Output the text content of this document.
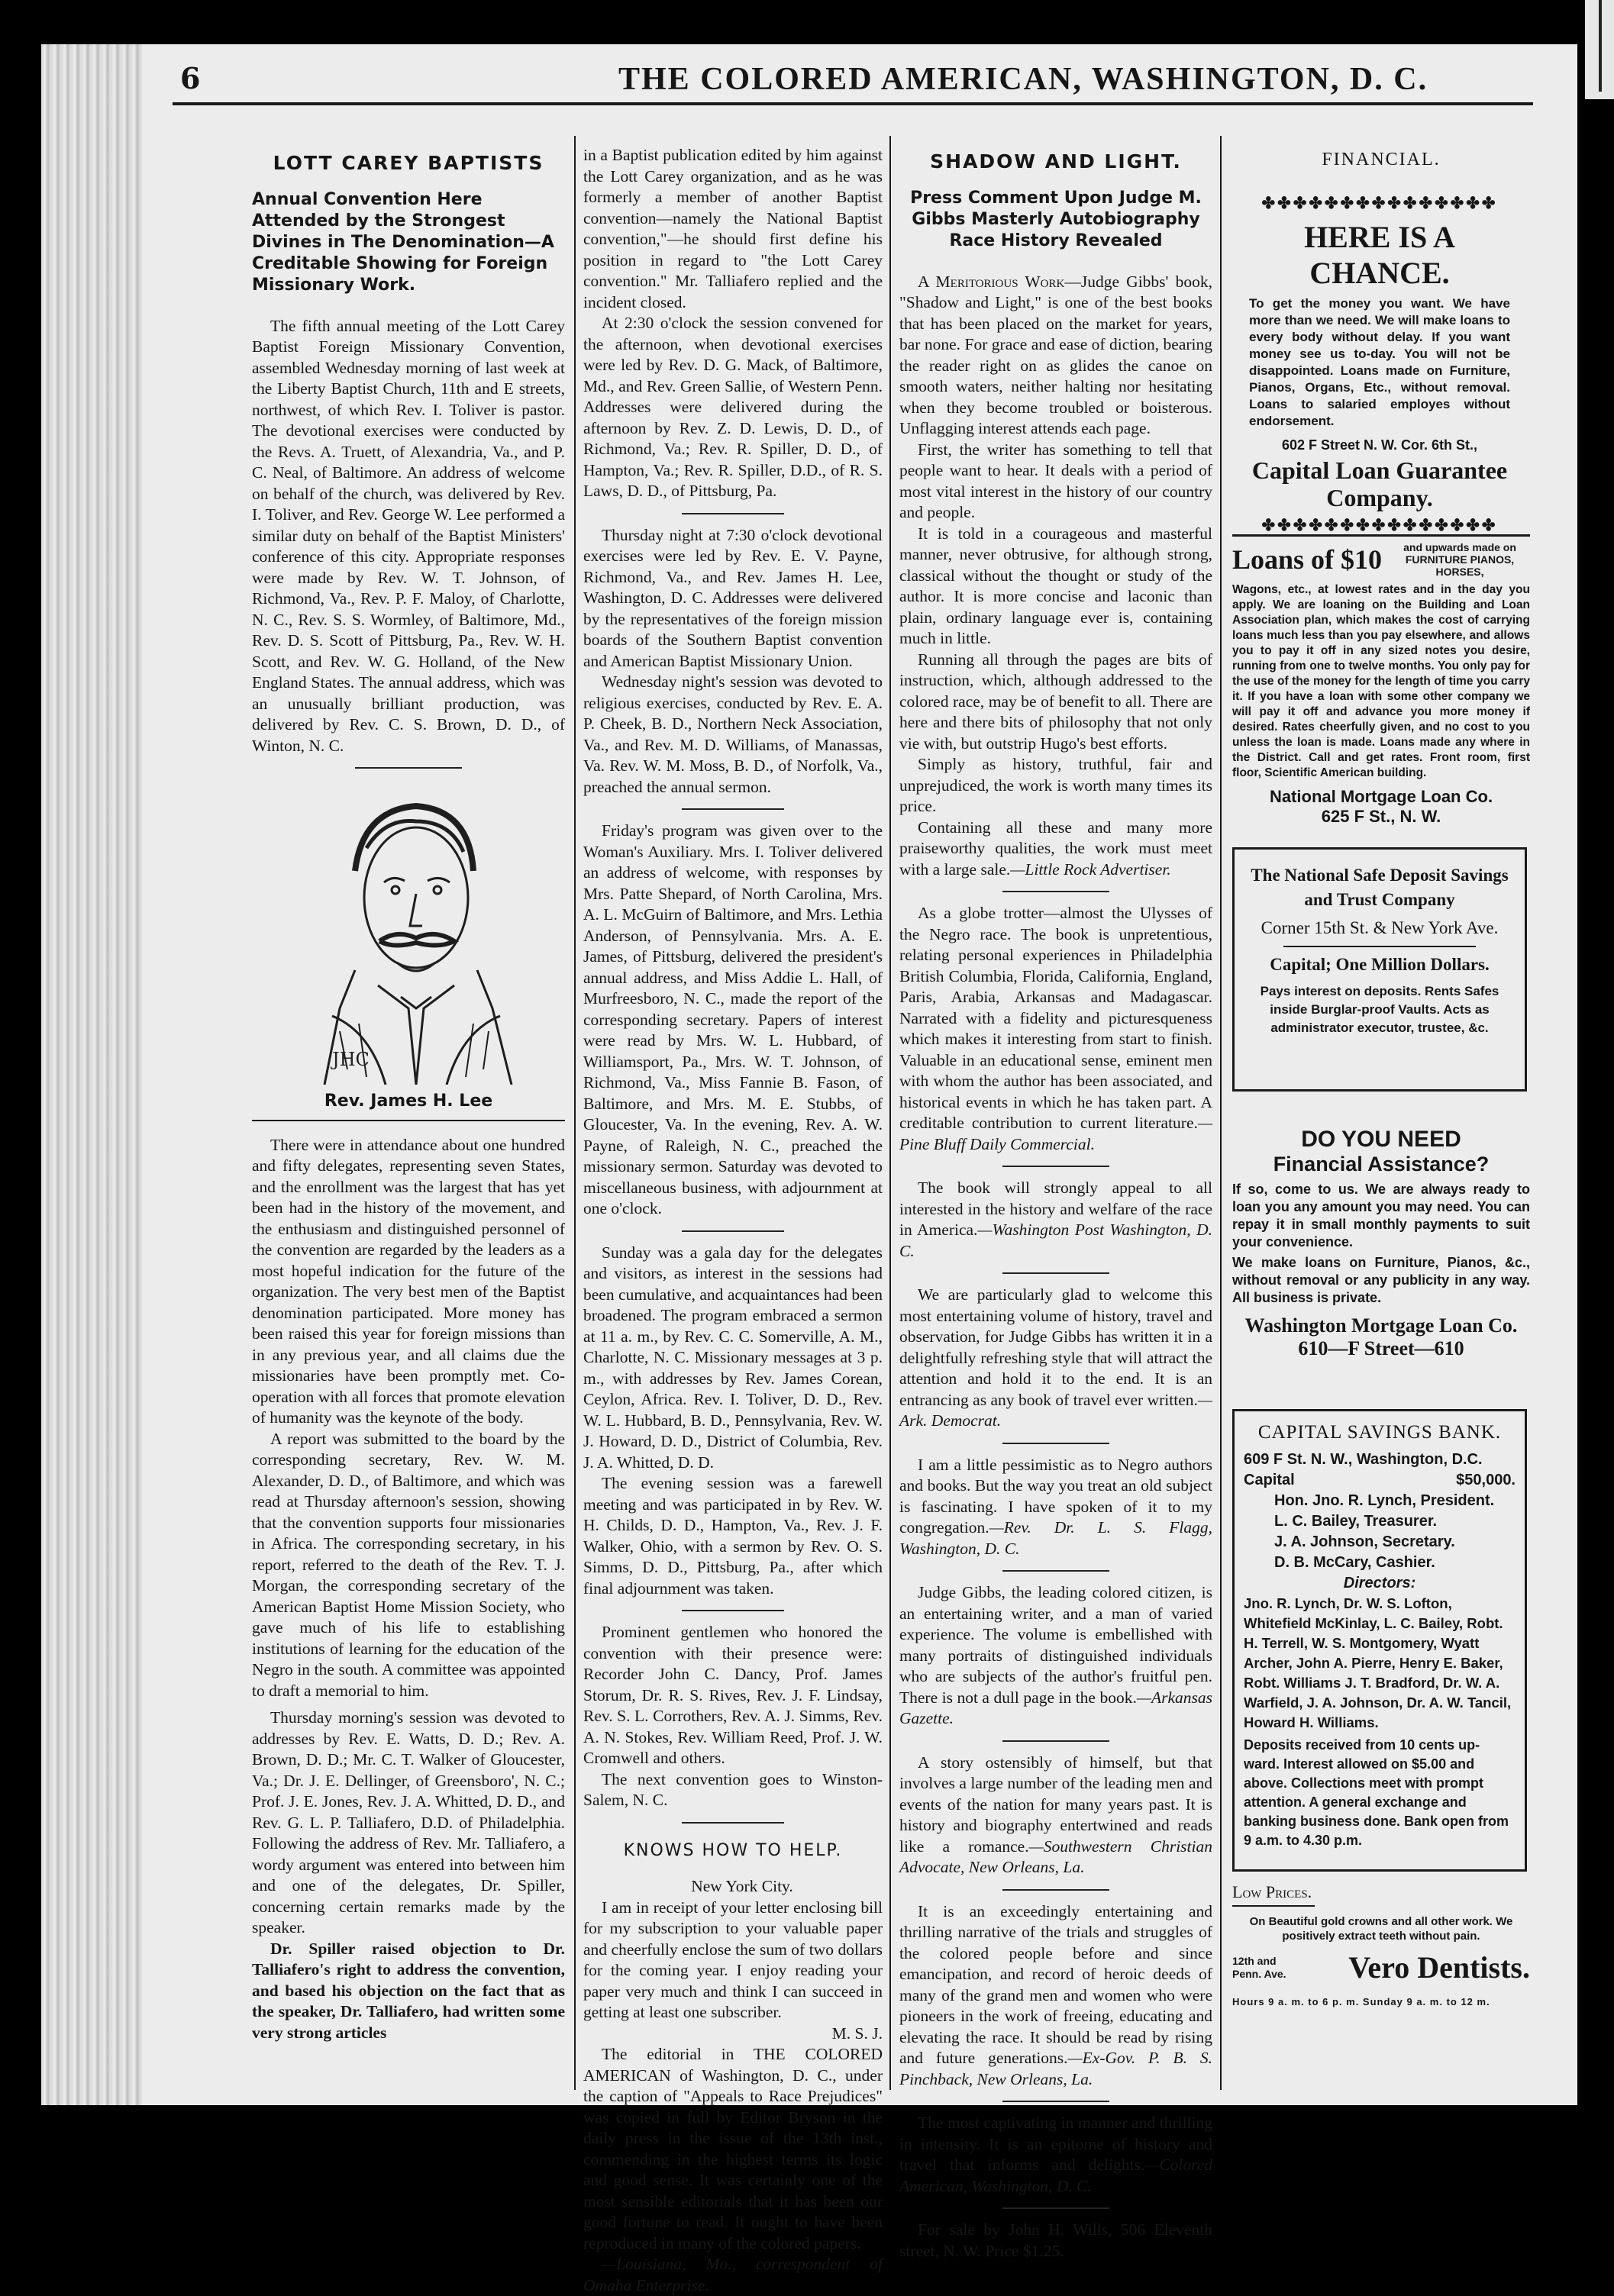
6	THE COLORED AMERICAN, WASHINGTON, D. C.
LOTT CAREY BAPTISTS
Annual Convention Here Attended by the Strongest Divines in The Denomination—A Creditable Showing for Foreign Missionary Work.

The fifth annual meeting of the Lott Carey Baptist Foreign Missionary Convention, assembled Wednesday morning of last week at the Liberty Baptist Church, 11th and E streets, northwest, of which Rev. I. Toliver is pastor. The devotional exercises were conducted by the Revs. A. Truett, of Alexandria, Va., and P. C. Neal, of Baltimore. An address of welcome on behalf of the church, was delivered by Rev. I. Toliver, and Rev. George W. Lee performed a similar duty on behalf of the Baptist Ministers' conference of this city. Appropriate responses were made by Rev. W. T. Johnson, of Richmond, Va., Rev. P. F. Maloy, of Charlotte, N. C., Rev. S. S. Wormley, of Baltimore, Md., Rev. D. S. Scott of Pittsburg, Pa., Rev. W. H. Scott, and Rev. W. G. Holland, of the New England States. The annual address, which was an unusually brilliant production, was delivered by Rev. C. S. Brown, D. D., of Winton, N. C.

JHC
Rev. James H. Lee

There were in attendance about one hundred and fifty delegates, representing seven States, and the enrollment was the largest that has yet been had in the history of the movement, and the enthusiasm and distinguished personnel of the convention are regarded by the leaders as a most hopeful indication for the future of the organization. The very best men of the Baptist denomination participated. More money has been raised this year for foreign missions than in any previous year, and all claims due the missionaries have been promptly met. Co-operation with all forces that promote elevation of humanity was the keynote of the body.

A report was submitted to the board by the corresponding secretary, Rev. W. M. Alexander, D. D., of Baltimore, and which was read at Thursday afternoon's session, showing that the convention supports four missionaries in Africa. The corresponding secretary, in his report, referred to the death of the Rev. T. J. Morgan, the corresponding secretary of the American Baptist Home Mission Society, who gave much of his life to establishing institutions of learning for the education of the Negro in the south. A committee was appointed to draft a memorial to him.

Thursday morning's session was devoted to addresses by Rev. E. Watts, D. D.; Rev. A. Brown, D. D.; Mr. C. T. Walker of Gloucester, Va.; Dr. J. E. Dellinger, of Greensboro', N. C.; Prof. J. E. Jones, Rev. J. A. Whitted, D. D., and Rev. G. L. P. Talliafero, D.D. of Philadelphia. Following the address of Rev. Mr. Talliafero, a wordy argument was entered into between him and one of the delegates, Dr. Spiller, concerning certain remarks made by the speaker.

Dr. Spiller raised objection to Dr. Talliafero's right to address the convention, and based his objection on the fact that as the speaker, Dr. Talliafero, had written some very strong articles

in a Baptist publication edited by him against the Lott Carey organization, and as he was formerly a member of another Baptist convention—namely the National Baptist convention,"—he should first define his position in regard to "the Lott Carey convention." Mr. Talliafero replied and the incident closed.

At 2:30 o'clock the session convened for the afternoon, when devotional exercises were led by Rev. D. G. Mack, of Baltimore, Md., and Rev. Green Sallie, of Western Penn. Addresses were delivered during the afternoon by Rev. Z. D. Lewis, D. D., of Richmond, Va.; Rev. R. Spiller, D. D., of Hampton, Va.; Rev. R. Spiller, D.D., of R. S. Laws, D. D., of Pittsburg, Pa.

Thursday night at 7:30 o'clock devotional exercises were led by Rev. E. V. Payne, Richmond, Va., and Rev. James H. Lee, Washington, D. C. Addresses were delivered by the representatives of the foreign mission boards of the Southern Baptist convention and American Baptist Missionary Union.

Wednesday night's session was devoted to religious exercises, conducted by Rev. E. A. P. Cheek, B. D., Northern Neck Association, Va., and Rev. M. D. Williams, of Manassas, Va. Rev. W. M. Moss, B. D., of Norfolk, Va., preached the annual sermon.

Friday's program was given over to the Woman's Auxiliary. Mrs. I. Toliver delivered an address of welcome, with responses by Mrs. Patte Shepard, of North Carolina, Mrs. A. L. McGuirn of Baltimore, and Mrs. Lethia Anderson, of Pennsylvania. Mrs. A. E. James, of Pittsburg, delivered the president's annual address, and Miss Addie L. Hall, of Murfreesboro, N. C., made the report of the corresponding secretary. Papers of interest were read by Mrs. W. L. Hubbard, of Williamsport, Pa., Mrs. W. T. Johnson, of Richmond, Va., Miss Fannie B. Fason, of Baltimore, and Mrs. M. E. Stubbs, of Gloucester, Va. In the evening, Rev. A. W. Payne, of Raleigh, N. C., preached the missionary sermon. Saturday was devoted to miscellaneous business, with adjournment at one o'clock.

Sunday was a gala day for the delegates and visitors, as interest in the sessions had been cumulative, and acquaintances had been broadened. The program embraced a sermon at 11 a. m., by Rev. C. C. Somerville, A. M., Charlotte, N. C. Missionary messages at 3 p. m., with addresses by Rev. James Corean, Ceylon, Africa. Rev. I. Toliver, D. D., Rev. W. L. Hubbard, B. D., Pennsylvania, Rev. W. J. Howard, D. D., District of Columbia, Rev. J. A. Whitted, D. D.

The evening session was a farewell meeting and was participated in by Rev. W. H. Childs, D. D., Hampton, Va., Rev. J. F. Walker, Ohio, with a sermon by Rev. O. S. Simms, D. D., Pittsburg, Pa., after which final adjournment was taken.

Prominent gentlemen who honored the convention with their presence were: Recorder John C. Dancy, Prof. James Storum, Dr. R. S. Rives, Rev. J. F. Lindsay, Rev. S. L. Corrothers, Rev. A. J. Simms, Rev. A. N. Stokes, Rev. William Reed, Prof. J. W. Cromwell and others.

The next convention goes to Winston-Salem, N. C.

KNOWS HOW TO HELP.

New York City.

I am in receipt of your letter enclosing bill for my subscription to your valuable paper and cheerfully enclose the sum of two dollars for the coming year. I enjoy reading your paper very much and think I can succeed in getting at least one subscriber.

M. S. J.

The editorial in THE COLORED AMERICAN of Washington, D. C., under the caption of "Appeals to Race Prejudices" was copied in full by Editor Bryson in the daily press in the issue of the 13th inst., commending in the highest terms its logic and good sense. It was certainly one of the most sensible editorials that it has been our good fortune to read. It ought to have been reproduced in many of the colored papers.

—Louisiana, Mo., correspondent of Omaha Enterprise.

SHADOW AND LIGHT.
Press Comment Upon Judge M. Gibbs Masterly Autobiography Race History Revealed

A Meritorious Work—Judge Gibbs' book, "Shadow and Light," is one of the best books that has been placed on the market for years, bar none. For grace and ease of diction, bearing the reader right on as glides the canoe on smooth waters, neither halting nor hesitating when they become troubled or boisterous. Unflagging interest attends each page.

First, the writer has something to tell that people want to hear. It deals with a period of most vital interest in the history of our country and people.

It is told in a courageous and masterful manner, never obtrusive, for although strong, classical without the thought or study of the author. It is more concise and laconic than plain, ordinary language ever is, containing much in little.

Running all through the pages are bits of instruction, which, although addressed to the colored race, may be of benefit to all. There are here and there bits of philosophy that not only vie with, but outstrip Hugo's best efforts.

Simply as history, truthful, fair and unprejudiced, the work is worth many times its price.

Containing all these and many more praiseworthy qualities, the work must meet with a large sale.—Little Rock Advertiser.

As a globe trotter—almost the Ulysses of the Negro race. The book is unpretentious, relating personal experiences in Philadelphia British Columbia, Florida, California, England, Paris, Arabia, Arkansas and Madagascar. Narrated with a fidelity and picturesqueness which makes it interesting from start to finish. Valuable in an educational sense, eminent men with whom the author has been associated, and historical events in which he has taken part. A creditable contribution to current literature.—Pine Bluff Daily Commercial.

The book will strongly appeal to all interested in the history and welfare of the race in America.—Washington Post Washington, D. C.

We are particularly glad to welcome this most entertaining volume of history, travel and observation, for Judge Gibbs has written it in a delightfully refreshing style that will attract the attention and hold it to the end. It is an entrancing as any book of travel ever written.—Ark. Democrat.

I am a little pessimistic as to Negro authors and books. But the way you treat an old subject is fascinating. I have spoken of it to my congregation.—Rev. Dr. L. S. Flagg, Washington, D. C.

Judge Gibbs, the leading colored citizen, is an entertaining writer, and a man of varied experience. The volume is embellished with many portraits of distinguished individuals who are subjects of the author's fruitful pen. There is not a dull page in the book.—Arkansas Gazette.

A story ostensibly of himself, but that involves a large number of the leading men and events of the nation for many years past. It is history and biography entertwined and reads like a romance.—Southwestern Christian Advocate, New Orleans, La.

It is an exceedingly entertaining and thrilling narrative of the trials and struggles of the colored people before and since emancipation, and record of heroic deeds of many of the grand men and women who were pioneers in the work of freeing, educating and elevating the race. It should be read by rising and future generations.—Ex-Gov. P. B. S. Pinchback, New Orleans, La.

The most captivating in manner and thrilling in intensity. It is an epitome of history and travel that informs and delights.—Colored American, Washington, D. C.

For sale by John H. Wills, 506 Eleventh street, N. W. Price $1.25.

FINANCIAL.
✤✤✤✤✤✤✤✤✤✤✤✤✤✤✤
HERE IS A CHANCE.
To get the money you want. We have more than we need. We will make loans to every body without delay. If you want money see us to-day. You will not be disappointed. Loans made on Furniture, Pianos, Organs, Etc., without removal. Loans to salaried employes without endorsement.
602 F Street N. W. Cor. 6th St.,
Capital Loan Guarantee Company.
✤✤✤✤✤✤✤✤✤✤✤✤✤✤✤
Loans of $10	and upwards made on FURNITURE PIANOS, HORSES,
Wagons, etc., at lowest rates and in the day you apply. We are loaning on the Building and Loan Association plan, which makes the cost of carrying loans much less than you pay elsewhere, and allows you to pay it off in any sized notes you desire, running from one to twelve months. You only pay for the use of the money for the length of time you carry it. If you have a loan with some other company we will pay it off and advance you more money if desired. Rates cheerfully given, and no cost to you unless the loan is made. Loans made any where in the District. Call and get rates. Front room, first floor, Scientific American building.
National Mortgage Loan Co.
625 F St., N. W.
The National Safe Deposit Savings and Trust Company
Corner 15th St. & New York Ave.
Capital; One Million Dollars.
Pays interest on deposits. Rents Safes inside Burglar-proof Vaults. Acts as administrator executor, trustee, &c.
DO YOU NEED
Financial Assistance?
If so, come to us. We are always ready to loan you any amount you may need. You can repay it in small monthly payments to suit your convenience.
We make loans on Furniture, Pianos, &c., without removal or any publicity in any way. All business is private.
Washington Mortgage Loan Co.
610—F Street—610
CAPITAL SAVINGS BANK.
609 F St. N. W., Washington, D.C.
Capital	$50,000.
Hon. Jno. R. Lynch, President.
L. C. Bailey, Treasurer.
J. A. Johnson, Secretary.
D. B. McCary, Cashier.
Directors:
Jno. R. Lynch, Dr. W. S. Lofton, Whitefield McKinlay, L. C. Bailey, Robt. H. Terrell, W. S. Montgomery, Wyatt Archer, John A. Pierre, Henry E. Baker, Robt. Williams J. T. Bradford, Dr. W. A. Warfield, J. A. Johnson, Dr. A. W. Tancil, Howard H. Williams.
Deposits received from 10 cents up-ward. Interest allowed on $5.00 and above. Collections meet with prompt attention. A general exchange and banking business done. Bank open from 9 a.m. to 4.30 p.m.
Low Prices.
On Beautiful gold crowns and all other work. We positively extract teeth without pain.
12th and Penn. Ave.	Vero Dentists.
Hours 9 a. m. to 6 p. m. Sunday 9 a. m. to 12 m.
